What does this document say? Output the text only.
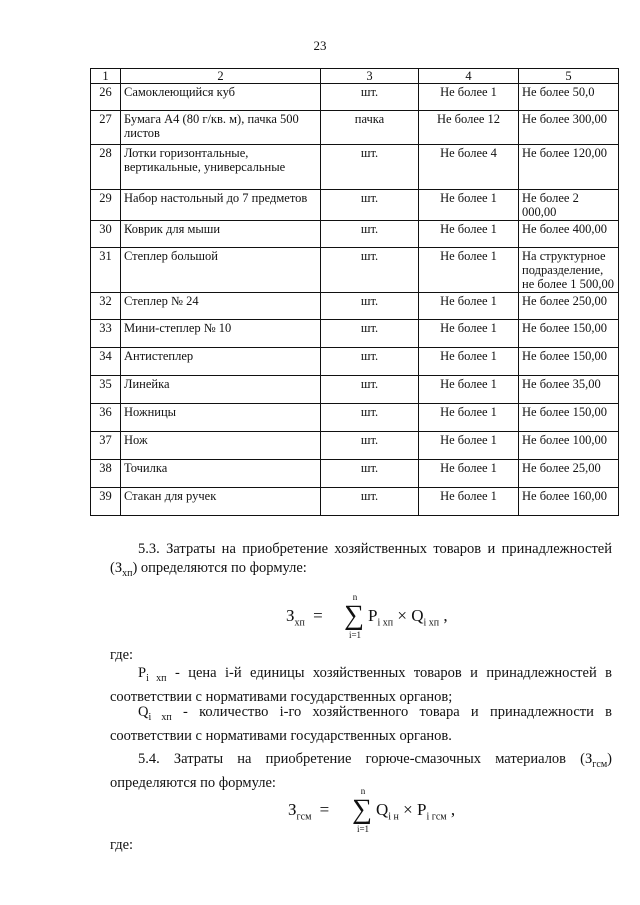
23
1	2	3	4	5
26	Самоклеющийся куб	шт.	Не более 1	Не более 50,0
27	Бумага А4 (80 г/кв. м), пачка 500 листов	пачка	Не более 12	Не более 300,00
28	Лотки горизонтальные, вертикальные, универсальные	шт.	Не более 4	Не более 120,00
29	Набор настольный до 7 предметов	шт.	Не более 1	Не более 2 000,00
30	Коврик для мыши	шт.	Не более 1	Не более 400,00
31	Степлер большой	шт.	Не более 1	На структурное подразделение, не более 1 500,00
32	Степлер № 24	шт.	Не более 1	Не более 250,00
33	Мини-степлер № 10	шт.	Не более 1	Не более 150,00
34	Антистеплер	шт.	Не более 1	Не более 150,00
35	Линейка	шт.	Не более 1	Не более 35,00
36	Ножницы	шт.	Не более 1	Не более 150,00
37	Нож	шт.	Не более 1	Не более 100,00
38	Точилка	шт.	Не более 1	Не более 25,00
39	Стакан для ручек	шт.	Не более 1	Не более 160,00
5.3. Затраты на приобретение хозяйственных товаров и принадлежностей $(З_{хп})$ определяются по формуле:
$З_{хп}$ =
n
∑
i=1
$P_{i хп} \times Q_{i хп}$ ,
где:
$P_{i хп}$ - цена i-й единицы хозяйственных товаров и принадлежностей в соответствии с нормативами государственных органов;
$Q_{i хп}$ - количество i-го хозяйственного товара и принадлежности в соответствии с нормативами государственных органов.
5.4. Затраты на приобретение горюче-смазочных материалов $(З_{гсм})$ определяются по формуле:
$З_{гсм}$ =
n
∑
i=1
$Q_{i н} \times P_{i гсм}$ ,
где:
